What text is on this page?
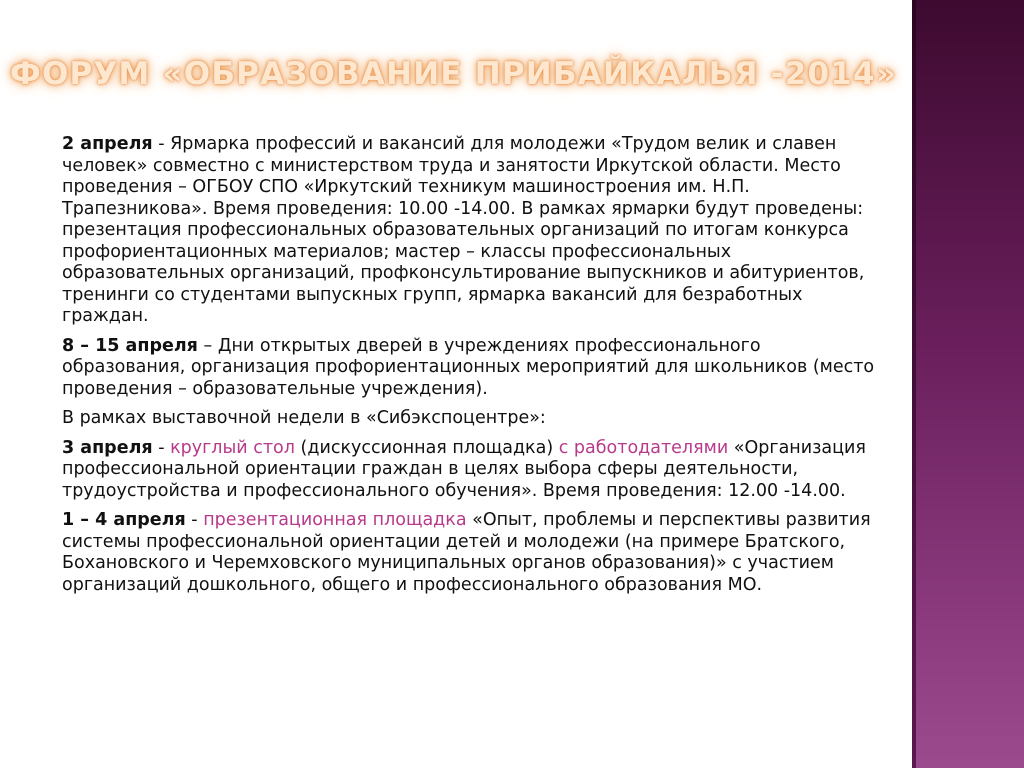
ФОРУМ «ОБРАЗОВАНИЕ ПРИБАЙКАЛЬЯ -2014»

2 апреля - Ярмарка профессий и вакансий для молодежи «Трудом велик и славен человек» совместно с министерством труда и занятости Иркутской области. Место проведения – ОГБОУ СПО «Иркутский техникум машиностроения им. Н.П. Трапезникова». Время проведения: 10.00 -14.00. В рамках ярмарки будут проведены: презентация профессиональных образовательных организаций по итогам конкурса профориентационных материалов; мастер – классы профессиональных образовательных организаций, профконсультирование выпускников и абитуриентов, тренинги со студентами выпускных групп, ярмарка вакансий для безработных граждан.

8 – 15 апреля – Дни открытых дверей в учреждениях профессионального образования, организация профориентационных мероприятий для школьников (место проведения – образовательные учреждения).

В рамках выставочной недели в «Сибэкспоцентре»:

3 апреля - круглый стол (дискуссионная площадка) с работодателями «Организация профессиональной ориентации граждан в целях выбора сферы деятельности, трудоустройства и профессионального обучения». Время проведения: 12.00 -14.00.

1 – 4 апреля - презентационная площадка «Опыт, проблемы и перспективы развития системы профессиональной ориентации детей и молодежи (на примере Братского, Бохановского и Черемховского муниципальных органов образования)» с участием организаций дошкольного, общего и профессионального образования МО.
